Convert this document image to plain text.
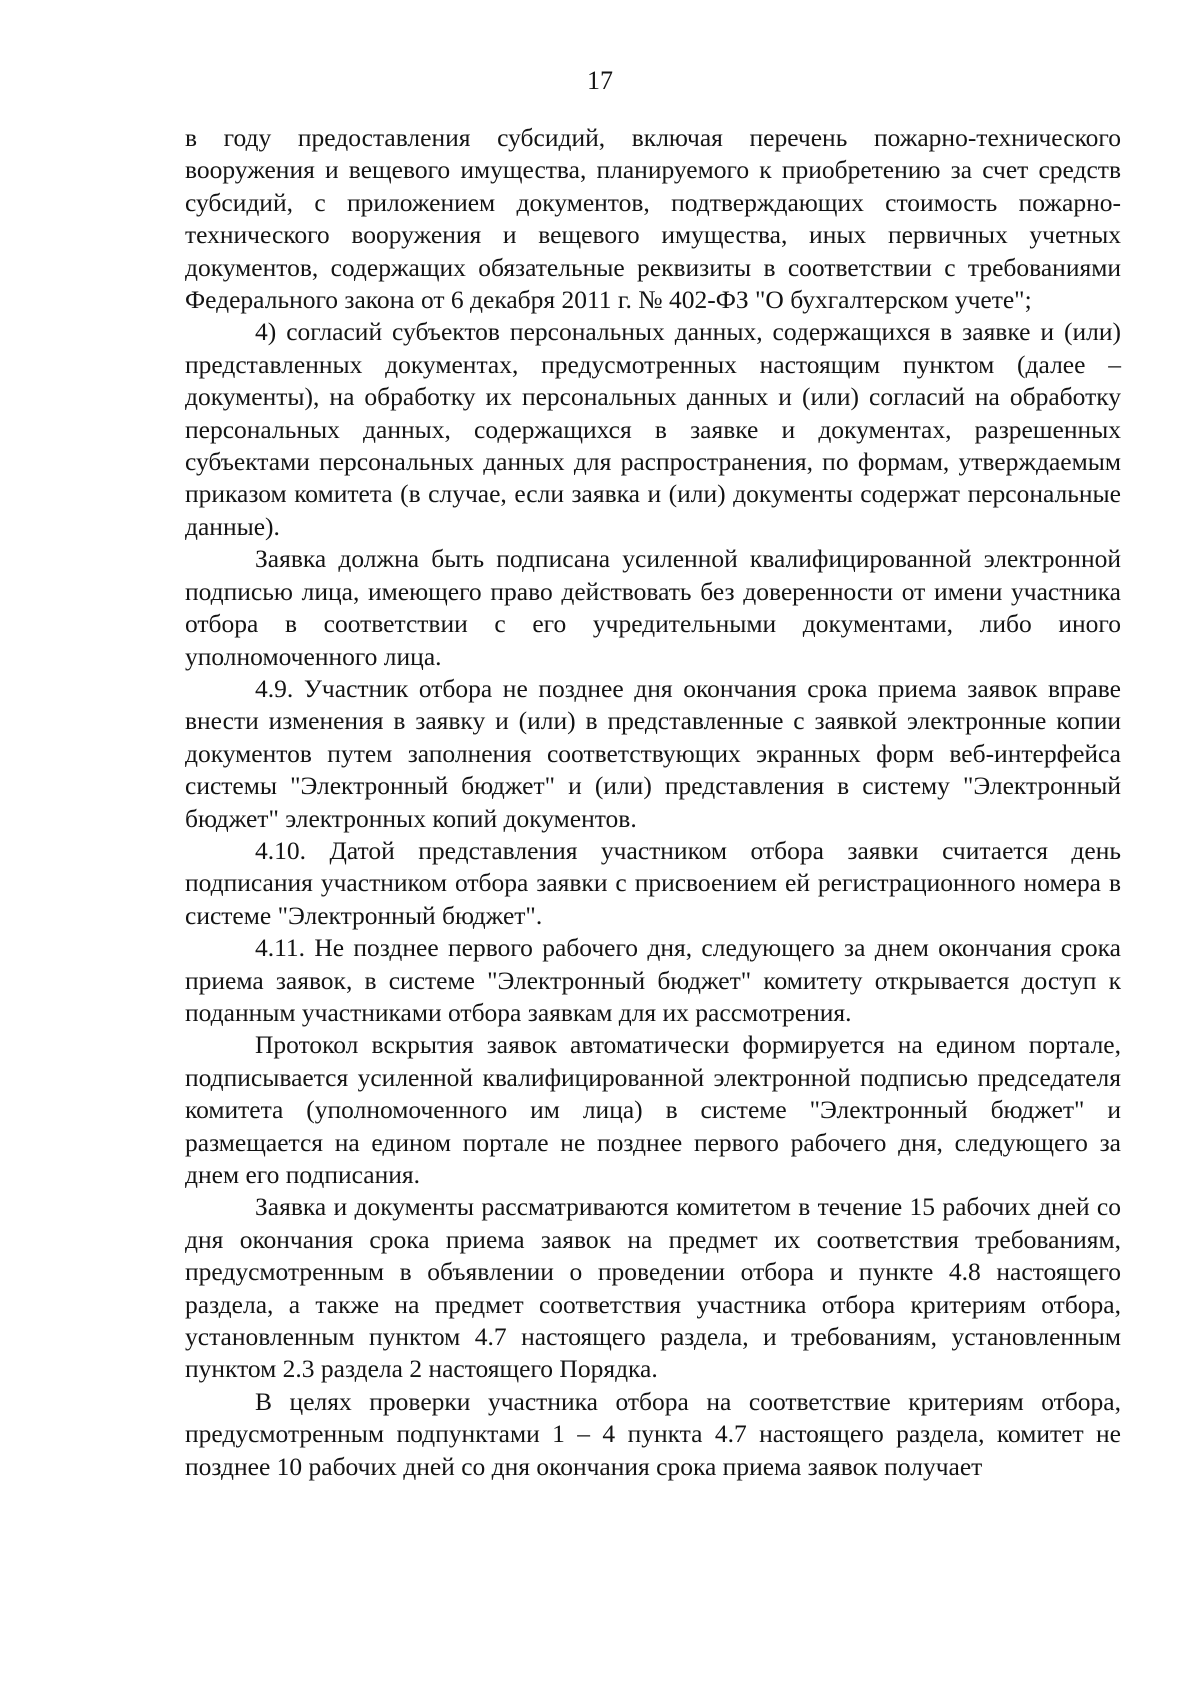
17

в году предоставления субсидий, включая перечень пожарно-технического вооружения и вещевого имущества, планируемого к приобретению за счет средств субсидий, с приложением документов, подтверждающих стоимость пожарно-технического вооружения и вещевого имущества, иных первичных учетных документов, содержащих обязательные реквизиты в соответствии с требованиями Федерального закона от 6 декабря 2011 г. № 402-ФЗ "О бухгалтерском учете";

4) согласий субъектов персональных данных, содержащихся в заявке и (или) представленных документах, предусмотренных настоящим пунктом (далее – документы), на обработку их персональных данных и (или) согласий на обработку персональных данных, содержащихся в заявке и документах, разрешенных субъектами персональных данных для распространения, по формам, утверждаемым приказом комитета (в случае, если заявка и (или) документы содержат персональные данные).

Заявка должна быть подписана усиленной квалифицированной электронной подписью лица, имеющего право действовать без доверенности от имени участника отбора в соответствии с его учредительными документами, либо иного уполномоченного лица.

4.9. Участник отбора не позднее дня окончания срока приема заявок вправе внести изменения в заявку и (или) в представленные с заявкой электронные копии документов путем заполнения соответствующих экранных форм веб-интерфейса системы "Электронный бюджет" и (или) представления в систему "Электронный бюджет" электронных копий документов.

4.10. Датой представления участником отбора заявки считается день подписания участником отбора заявки с присвоением ей регистрационного номера в системе "Электронный бюджет".

4.11. Не позднее первого рабочего дня, следующего за днем окончания срока приема заявок, в системе "Электронный бюджет" комитету открывается доступ к поданным участниками отбора заявкам для их рассмотрения.

Протокол вскрытия заявок автоматически формируется на едином портале, подписывается усиленной квалифицированной электронной подписью председателя комитета (уполномоченного им лица) в системе "Электронный бюджет" и размещается на едином портале не позднее первого рабочего дня, следующего за днем его подписания.

Заявка и документы рассматриваются комитетом в течение 15 рабочих дней со дня окончания срока приема заявок на предмет их соответствия требованиям, предусмотренным в объявлении о проведении отбора и пункте 4.8 настоящего раздела, а также на предмет соответствия участника отбора критериям отбора, установленным пунктом 4.7 настоящего раздела, и требованиям, установленным пунктом 2.3 раздела 2 настоящего Порядка.

В целях проверки участника отбора на соответствие критериям отбора, предусмотренным подпунктами 1 – 4 пункта 4.7 настоящего раздела, комитет не позднее 10 рабочих дней со дня окончания срока приема заявок получает
